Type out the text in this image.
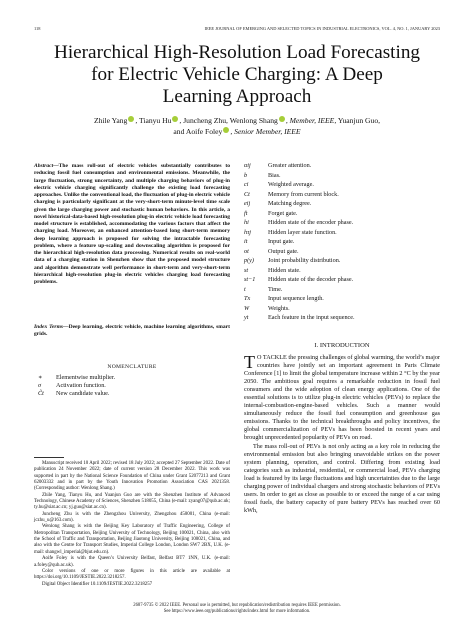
118	IEEE JOURNAL OF EMERGING AND SELECTED TOPICS IN INDUSTRIAL ELECTRONICS, VOL. 4, NO. 1, JANUARY 2023
Hierarchical High-Resolution Load Forecasting
for Electric Vehicle Charging: A Deep
Learning Approach
Zhile Yang , Tianyu Hu , Juncheng Zhu, Wenlong Shang , Member, IEEE, Yuanjun Guo,
and Aoife Foley , Senior Member, IEEE
Abstract—The mass roll-out of electric vehicles substantially contributes to reducing fossil fuel consumption and environmental emissions. Meanwhile, the large fluctuation, strong uncertainty, and multiple charging behaviors of plug-in electric vehicle charging significantly challenge the existing load forecasting approaches. Unlike the conventional load, the fluctuation of plug-in electric vehicle charging is particularly significant at the very-short-term minute-level time scale given the large charging power and stochastic human behaviors. In this article, a novel historical-data-based high-resolution plug-in electric vehicle load forecasting model structure is established, accommodating the various factors that affect the charging load. Moreover, an enhanced attention-based long short-term memory deep learning approach is proposed for solving the intractable forecasting problem, where a feature up-scaling and downscaling algorithm is proposed for the hierarchical high-resolution data processing. Numerical results on real-world data of a charging station in Shenzhen show that the proposed model structure and algorithm demonstrate well performance in short-term and very-short-term hierarchical high-resolution plug-in electric vehicles charging load forecasting problems.
Index Terms—Deep learning, electric vehicle, machine learning algorithms, smart grids.
NOMENCLATURE
∗ Elementwise multiplier.
σ Activation function.
C̃t New candidate value.
αij	Greater attention.
b	Bias.
ci	Weighted average.
Ct	Memory from current block.
eij	Matching degree.
ft	Forget gate.
hi	Hidden state of the encoder phase.
hτj	Hidden layer state function.
it	Input gate.
ot	Output gate.
p(y) Joint probability distribution.
st	Hidden state.
st−1 Hidden state of the decoder phase.
t	Time.
Tx	Input sequence length.
W	Weights.
yt	Each feature in the input sequence.

Manuscript received 10 April 2022; revised 18 July 2022; accepted 27 September 2022. Date of publication 24 November 2022; date of current version 28 December 2022. This work was supported in part by the National Science Foundation of China under Grant 52077213 and Grant 62003332 and in part by the Youth Innovation Promotion Association CAS 2021358. (Corresponding author: Wenlong Shang.)

Zhile Yang, Tianyu Hu, and Yuanjun Guo are with the Shenzhen Institute of Advanced Technology, Chinese Academy of Sciences, Shenzhen 518055, China (e-mail: zyang07@qub.ac.uk; ty.hu@siat.ac.cn; yj.guo@siat.ac.cn).

Juncheng Zhu is with the Zhengzhou University, Zhengzhou 450001, China (e-mail: jczhu_u@163.com).

Wenlong Shang is with the Beijing Key Laboratory of Traffic Engineering, College of Metropolitan Transportation, Beijing University of Technology, Beijing 100021, China, also with the School of Traffic and Transportation, Beijing Jiaotong University, Beijing 100021, China, and also with the Centre for Transport Studies, Imperial College London, London SW7 2BX, U.K. (e-mail: shangwl_imperial@bjut.edu.cn).

Aoife Foley is with the Queen’s University Belfast, Belfast BT7 1NN, U.K. (e-mail: a.foley@qub.ac.uk).

Color versions of one or more figures in this article are available at https://doi.org/10.1109/JESTIE.2022.3218257.

Digital Object Identifier 10.1109/JESTIE.2022.3218257

I. INTRODUCTION

T O TACKLE the pressing challenges of global warming, the world’s major countries have jointly set an important agreement in Paris Climate Conference [1] to limit the global temperature increase within 2 °C by the year 2050. The ambitious goal requires a remarkable reduction in fossil fuel consumers and the wide adoption of clean energy applications. One of the essential solutions is to utilize plug-in electric vehicles (PEVs) to replace the internal-combustion-engine-based vehicles. Such a manner would simultaneously reduce the fossil fuel consumption and greenhouse gas emissions. Thanks to the technical breakthroughs and policy incentives, the global commercialization of PEVs has been boosted in recent years and brought unprecedented popularity of PEVs on road.

The mass roll-out of PEVs is not only acting as a key role in reducing the environmental emission but also bringing unavoidable strikes on the power system planning, operation, and control. Differing from existing load categories such as industrial, residential, or commercial load, PEVs charging load is featured by its large fluctuations and high uncertainties due to the large charging power of individual chargers and strong stochastic behaviors of PEVs users. In order to get as close as possible to or exceed the range of a car using fossil fuels, the battery capacity of pure battery PEVs has reached over 60 kWh,

2687-9735 © 2022 IEEE. Personal use is permitted, but republication/redistribution requires IEEE permission.
See https://www.ieee.org/publications/rights/index.html for more information.
